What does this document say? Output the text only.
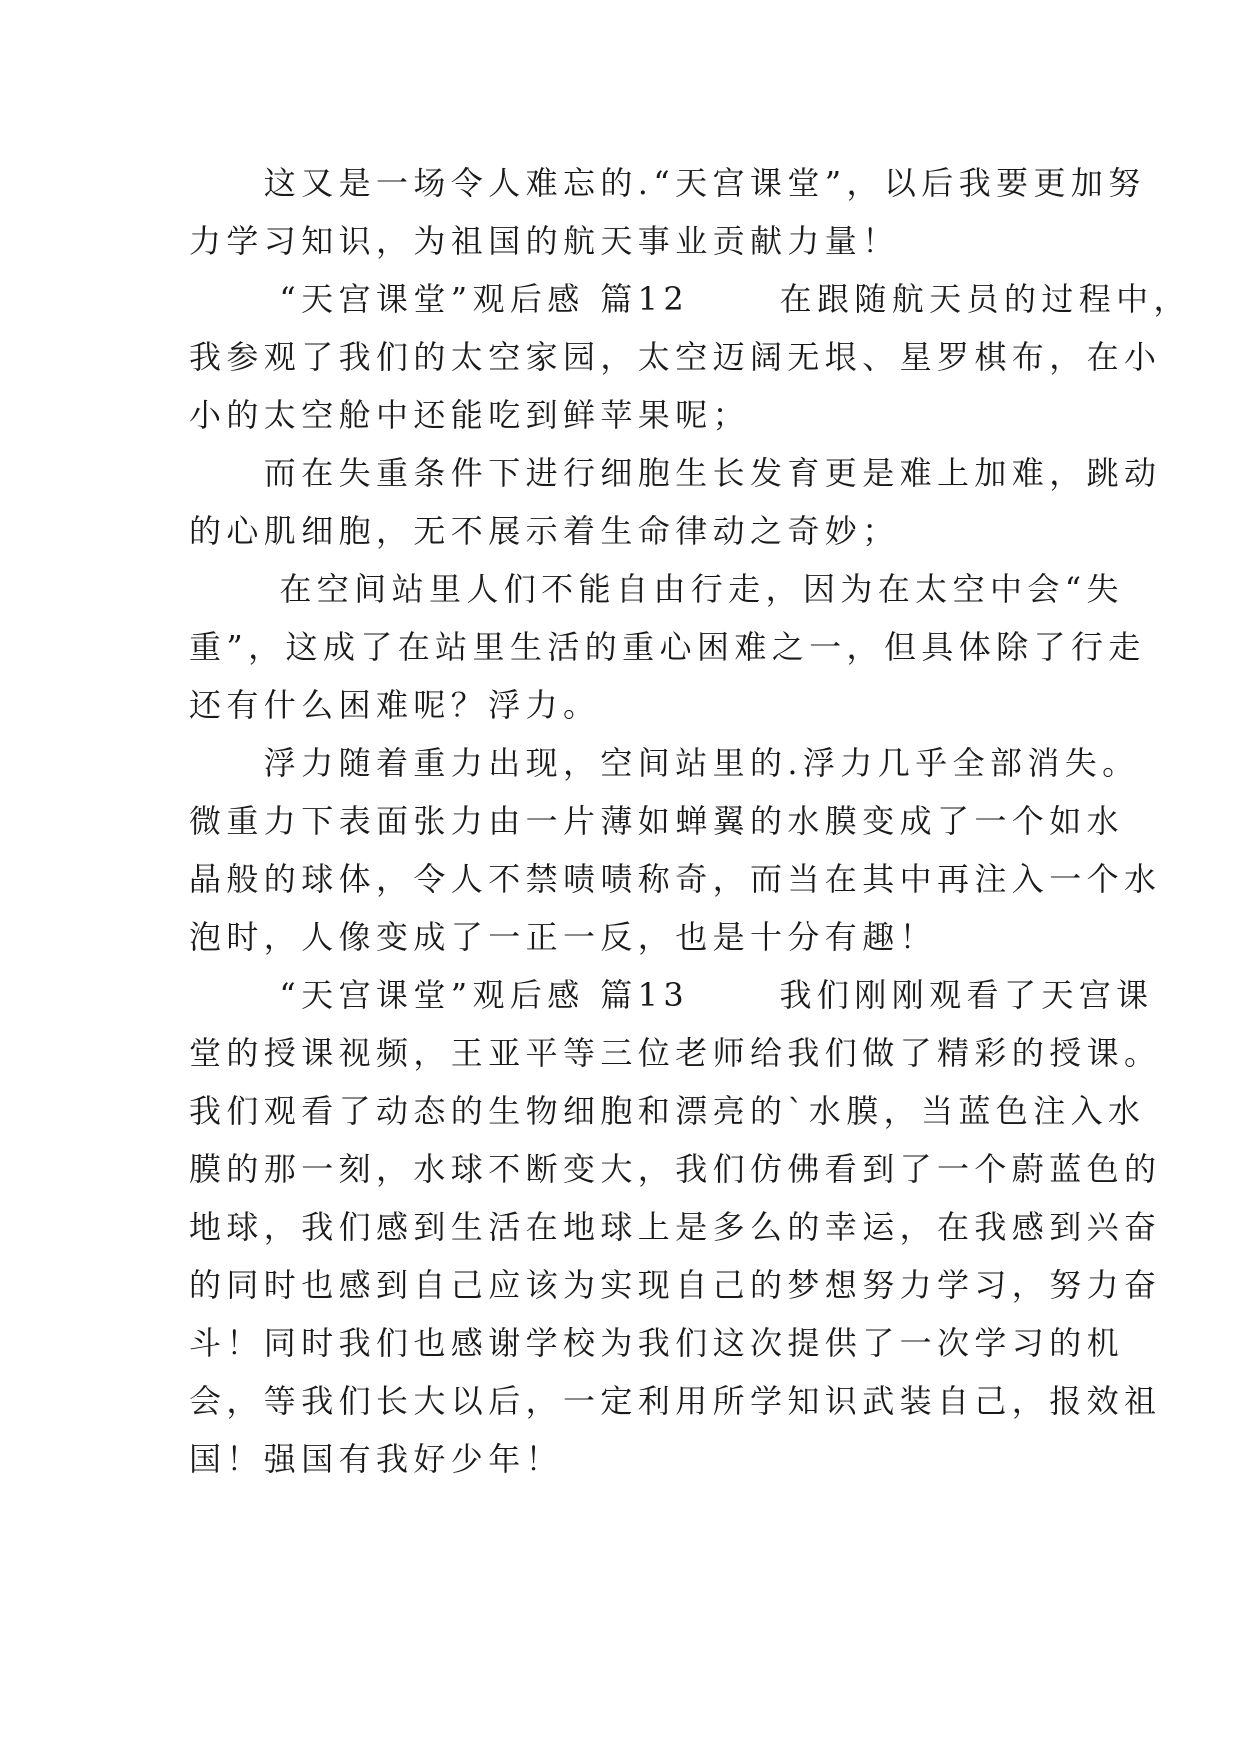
　　这又是一场令人难忘的.“天宫课堂”，以后我要更加努
力学习知识，为祖国的航天事业贡献力量！
　　 “天宫课堂”观后感 篇12　　 在跟随航天员的过程中，
我参观了我们的太空家园，太空迈阔无垠、星罗棋布，在小
小的太空舱中还能吃到鲜苹果呢；
　　而在失重条件下进行细胞生长发育更是难上加难，跳动
的心肌细胞，无不展示着生命律动之奇妙；
　　 在空间站里人们不能自由行走，因为在太空中会“失
重”，这成了在站里生活的重心困难之一，但具体除了行走
还有什么困难呢？浮力。
　　浮力随着重力出现，空间站里的.浮力几乎全部消失。
微重力下表面张力由一片薄如蝉翼的水膜变成了一个如水
晶般的球体，令人不禁啧啧称奇，而当在其中再注入一个水
泡时，人像变成了一正一反，也是十分有趣！
　　 “天宫课堂”观后感 篇13　　 我们刚刚观看了天宫课
堂的授课视频，王亚平等三位老师给我们做了精彩的授课。
我们观看了动态的生物细胞和漂亮的`水膜，当蓝色注入水
膜的那一刻，水球不断变大，我们仿佛看到了一个蔚蓝色的
地球，我们感到生活在地球上是多么的幸运，在我感到兴奋
的同时也感到自己应该为实现自己的梦想努力学习，努力奋
斗！同时我们也感谢学校为我们这次提供了一次学习的机
会，等我们长大以后，一定利用所学知识武装自己，报效祖
国！强国有我好少年！
